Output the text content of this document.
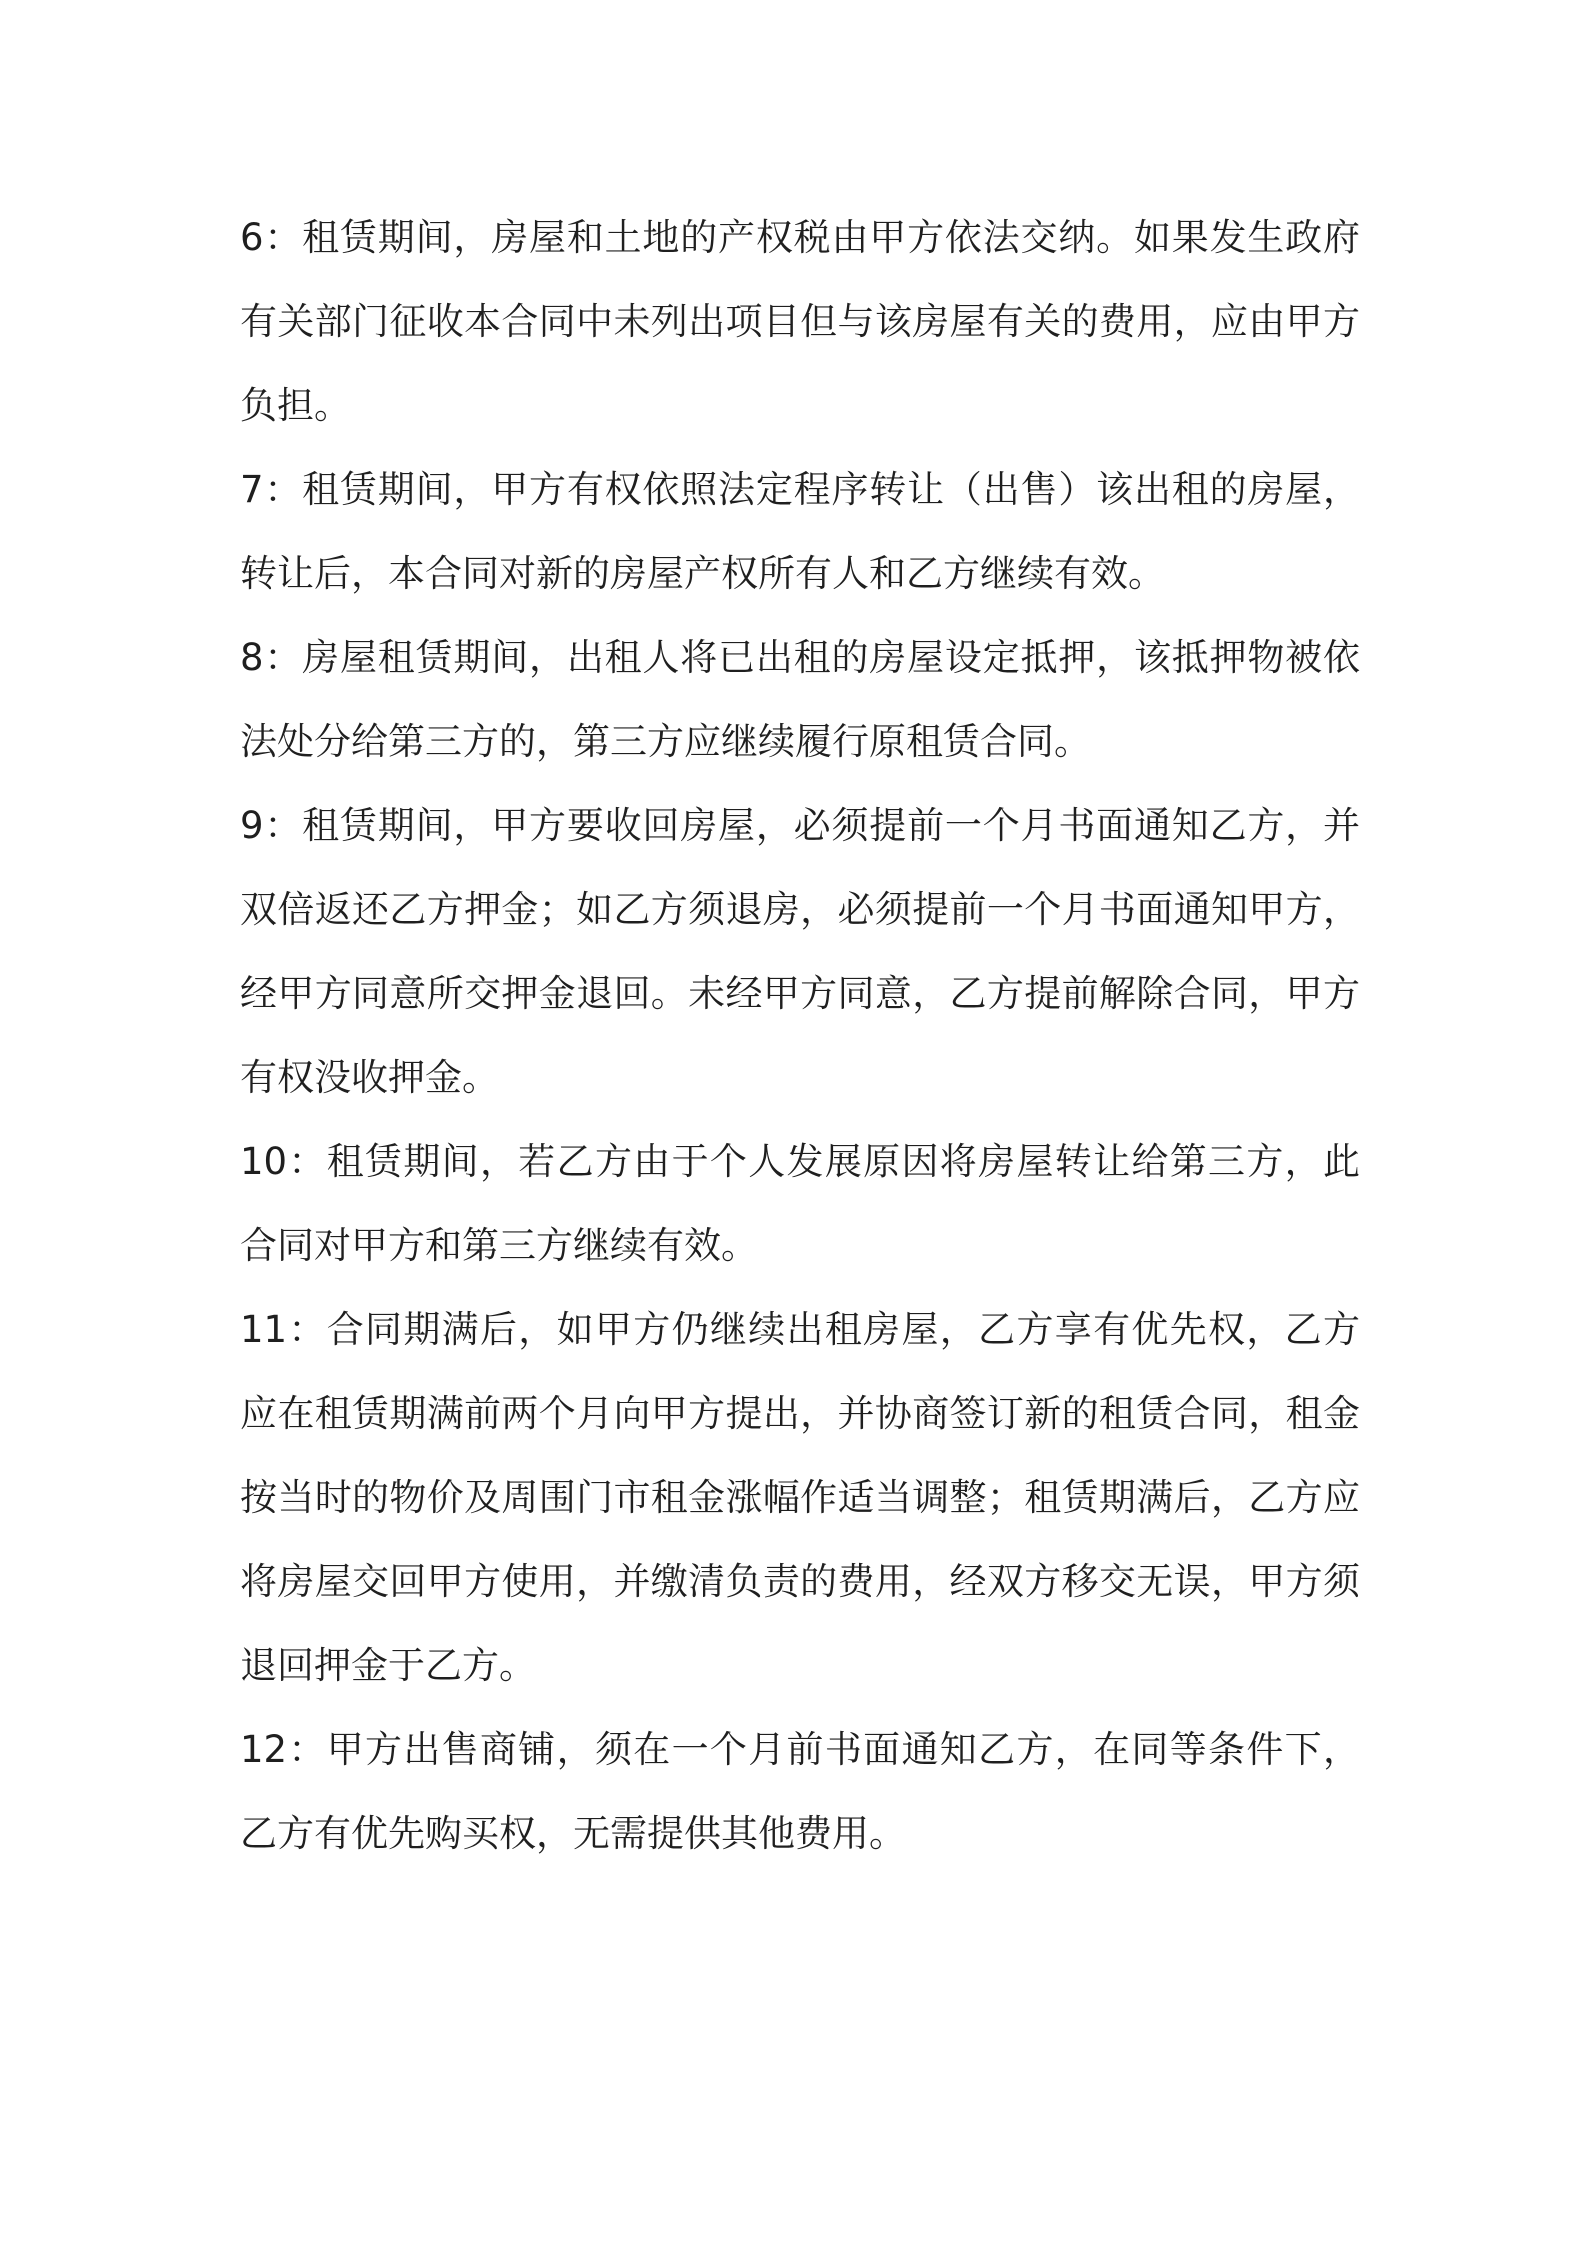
6：租赁期间，房屋和土地的产权税由甲方依法交纳。如果发生政府
有关部门征收本合同中未列出项目但与该房屋有关的费用，应由甲方
负担。
7：租赁期间，甲方有权依照法定程序转让（出售）该出租的房屋，
转让后，本合同对新的房屋产权所有人和乙方继续有效。
8：房屋租赁期间，出租人将已出租的房屋设定抵押，该抵押物被依
法处分给第三方的，第三方应继续履行原租赁合同。
9：租赁期间，甲方要收回房屋，必须提前一个月书面通知乙方，并
双倍返还乙方押金；如乙方须退房，必须提前一个月书面通知甲方，
经甲方同意所交押金退回。未经甲方同意，乙方提前解除合同，甲方
有权没收押金。
10：租赁期间，若乙方由于个人发展原因将房屋转让给第三方，此
合同对甲方和第三方继续有效。
11：合同期满后，如甲方仍继续出租房屋，乙方享有优先权，乙方
应在租赁期满前两个月向甲方提出，并协商签订新的租赁合同，租金
按当时的物价及周围门市租金涨幅作适当调整；租赁期满后，乙方应
将房屋交回甲方使用，并缴清负责的费用，经双方移交无误，甲方须
退回押金于乙方。
12：甲方出售商铺，须在一个月前书面通知乙方，在同等条件下，
乙方有优先购买权，无需提供其他费用。
